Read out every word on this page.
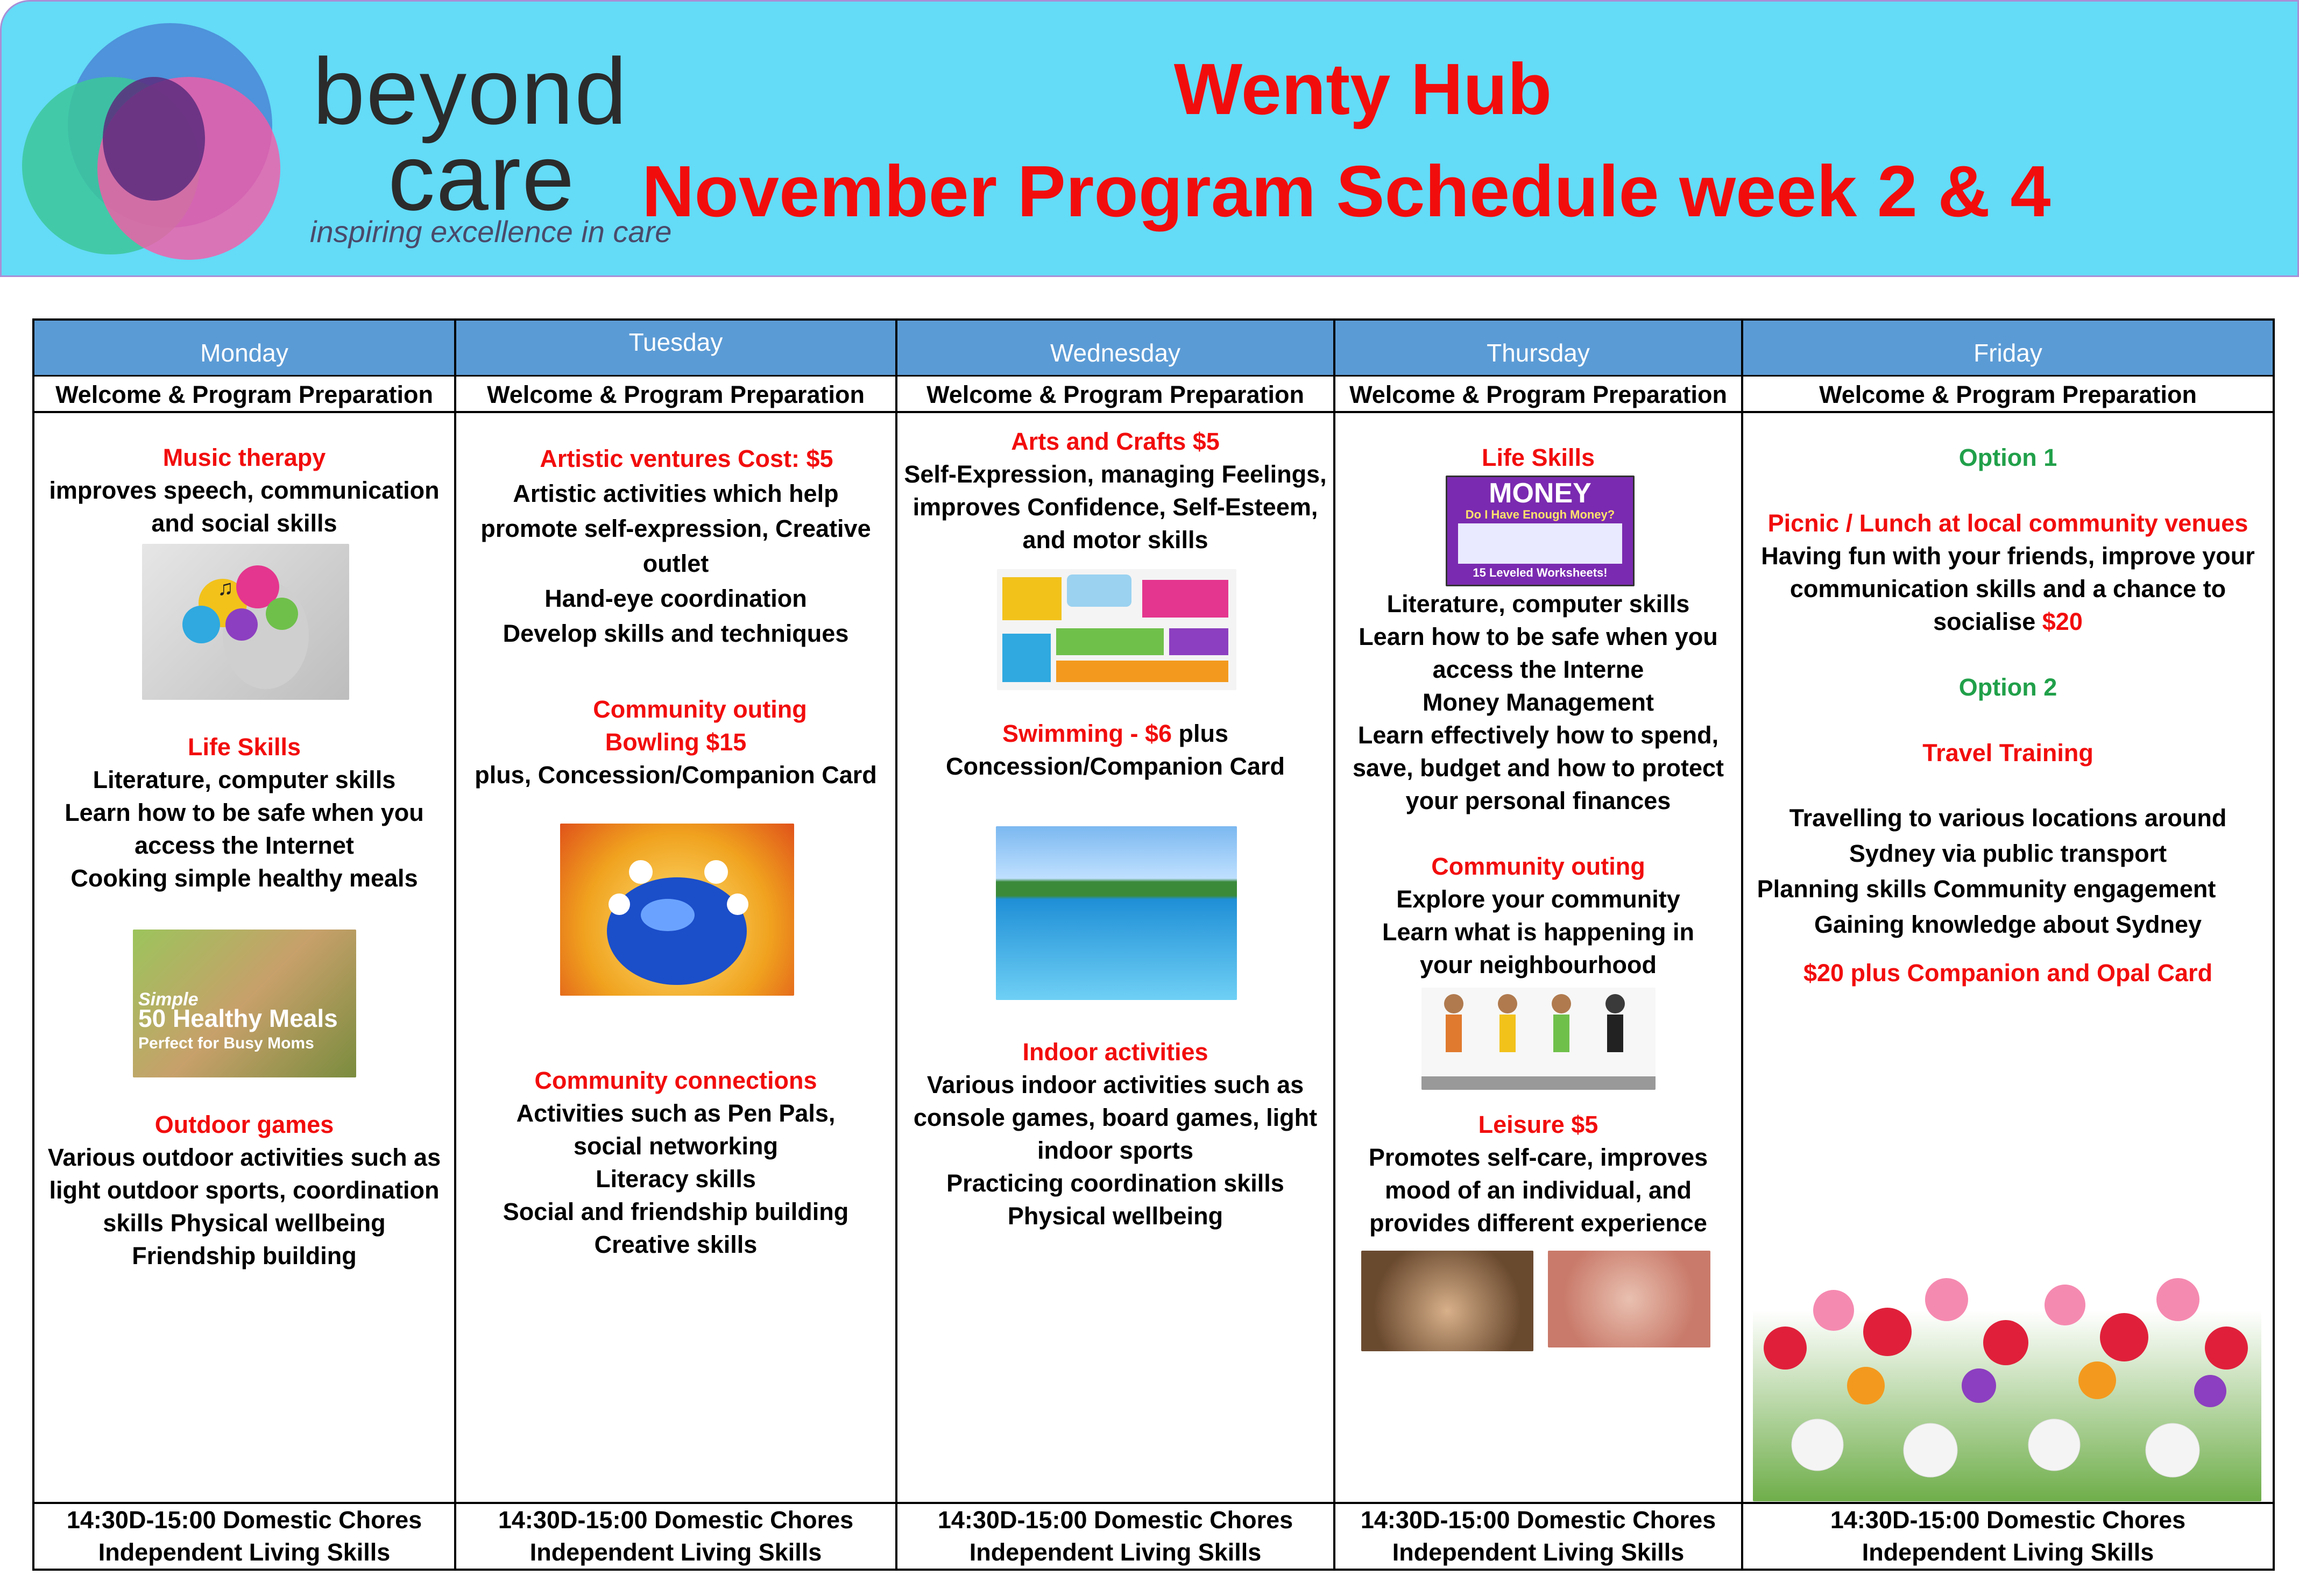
beyond
care
inspiring excellence in care
Wenty Hub
November Program Schedule week 2 & 4
Monday
Welcome & Program Preparation
Music therapy
improves speech, communication
and social skills
♫
Life Skills
Literature, computer skills
Learn how to be safe when you
access the Internet
Cooking simple healthy meals
Simple
50 Healthy Meals
Perfect for Busy Moms
Outdoor games
Various outdoor activities such as
light outdoor sports, coordination
skills Physical wellbeing
Friendship building
14:30D-15:00 Domestic Chores
Independent Living Skills
Tuesday
Welcome & Program Preparation
Artistic ventures Cost: $5
Artistic activities which help
promote self-expression, Creative
outlet
Hand-eye coordination
Develop skills and techniques
Community outing
Bowling $15
plus, Concession/Companion Card
Community connections
Activities such as Pen Pals,
social networking
Literacy skills
Social and friendship building
Creative skills
14:30D-15:00 Domestic Chores
Independent Living Skills
Wednesday
Welcome & Program Preparation
Arts and Crafts $5
Self-Expression, managing Feelings,
improves Confidence, Self-Esteem,
and motor skills
Swimming - $6 plus
Concession/Companion Card
Indoor activities
Various indoor activities such as
console games, board games, light
indoor sports
Practicing coordination skills
Physical wellbeing
14:30D-15:00 Domestic Chores
Independent Living Skills
Thursday
Welcome & Program Preparation
Life Skills
MONEY
Do I Have Enough Money?
15 Leveled Worksheets!
Literature, computer skills
Learn how to be safe when you
access the Interne
Money Management
Learn effectively how to spend,
save, budget and how to protect
your personal finances
Community outing
Explore your community
Learn what is happening in
your neighbourhood
Leisure $5
Promotes self-care, improves
mood of an individual, and
provides different experience
14:30D-15:00 Domestic Chores
Independent Living Skills
Friday
Welcome & Program Preparation
Option 1

Picnic / Lunch at local community venues
Having fun with your friends, improve your
communication skills and a chance to
socialise $20

Option 2

Travel Training
Travelling to various locations around
Sydney via public transport
Planning skills Community engagement
Gaining knowledge about Sydney
$20 plus Companion and Opal Card
14:30D-15:00 Domestic Chores
Independent Living Skills
